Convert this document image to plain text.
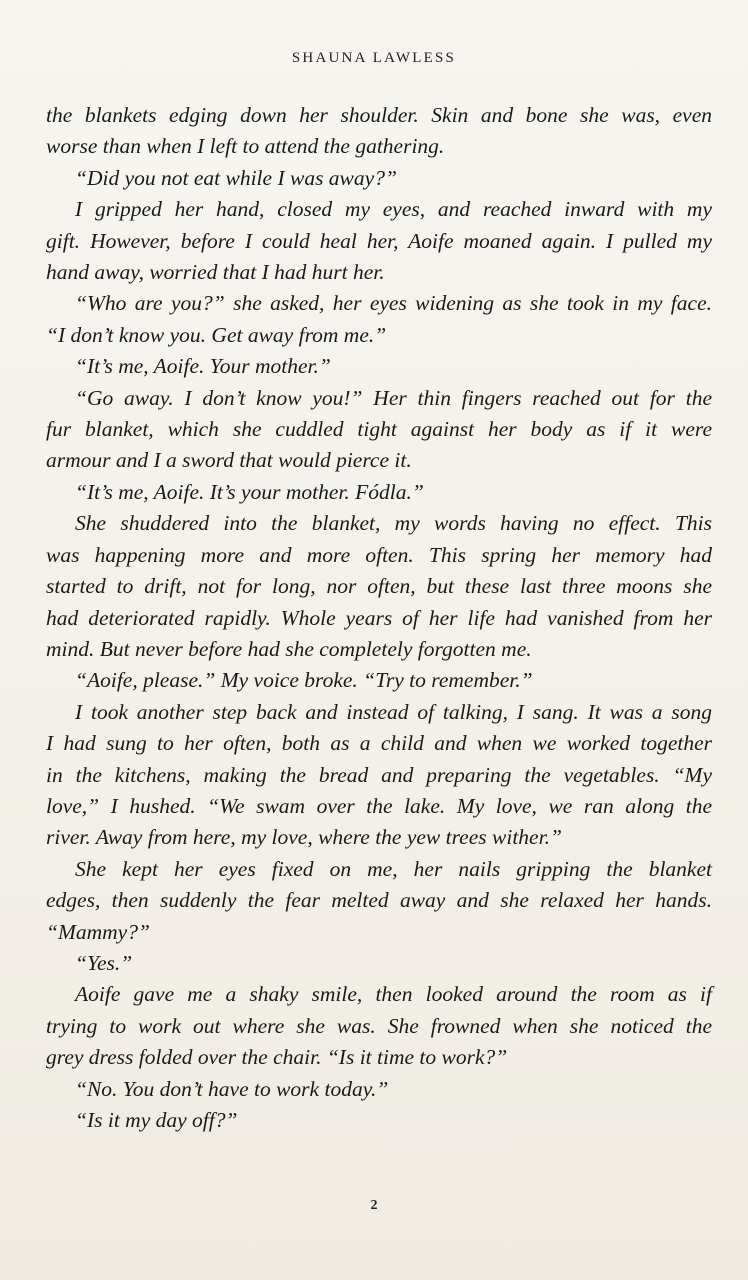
SHAUNA LAWLESS
the blankets edging down her shoulder. Skin and bone she was, even
worse than when I left to attend the gathering.
“Did you not eat while I was away?”
I gripped her hand, closed my eyes, and reached inward with my
gift. However, before I could heal her, Aoife moaned again. I pulled my
hand away, worried that I had hurt her.
“Who are you?” she asked, her eyes widening as she took in my face.
“I don’t know you. Get away from me.”
“It’s me, Aoife. Your mother.”
“Go away. I don’t know you!” Her thin fingers reached out for the
fur blanket, which she cuddled tight against her body as if it were
armour and I a sword that would pierce it.
“It’s me, Aoife. It’s your mother. Fódla.”
She shuddered into the blanket, my words having no effect. This
was happening more and more often. This spring her memory had
started to drift, not for long, nor often, but these last three moons she
had deteriorated rapidly. Whole years of her life had vanished from her
mind. But never before had she completely forgotten me.
“Aoife, please.” My voice broke. “Try to remember.”
I took another step back and instead of talking, I sang. It was a song
I had sung to her often, both as a child and when we worked together
in the kitchens, making the bread and preparing the vegetables. “My
love,” I hushed. “We swam over the lake. My love, we ran along the
river. Away from here, my love, where the yew trees wither.”
She kept her eyes fixed on me, her nails gripping the blanket
edges, then suddenly the fear melted away and she relaxed her hands.
“Mammy?”
“Yes.”
Aoife gave me a shaky smile, then looked around the room as if
trying to work out where she was. She frowned when she noticed the
grey dress folded over the chair. “Is it time to work?”
“No. You don’t have to work today.”
“Is it my day off?”
2
